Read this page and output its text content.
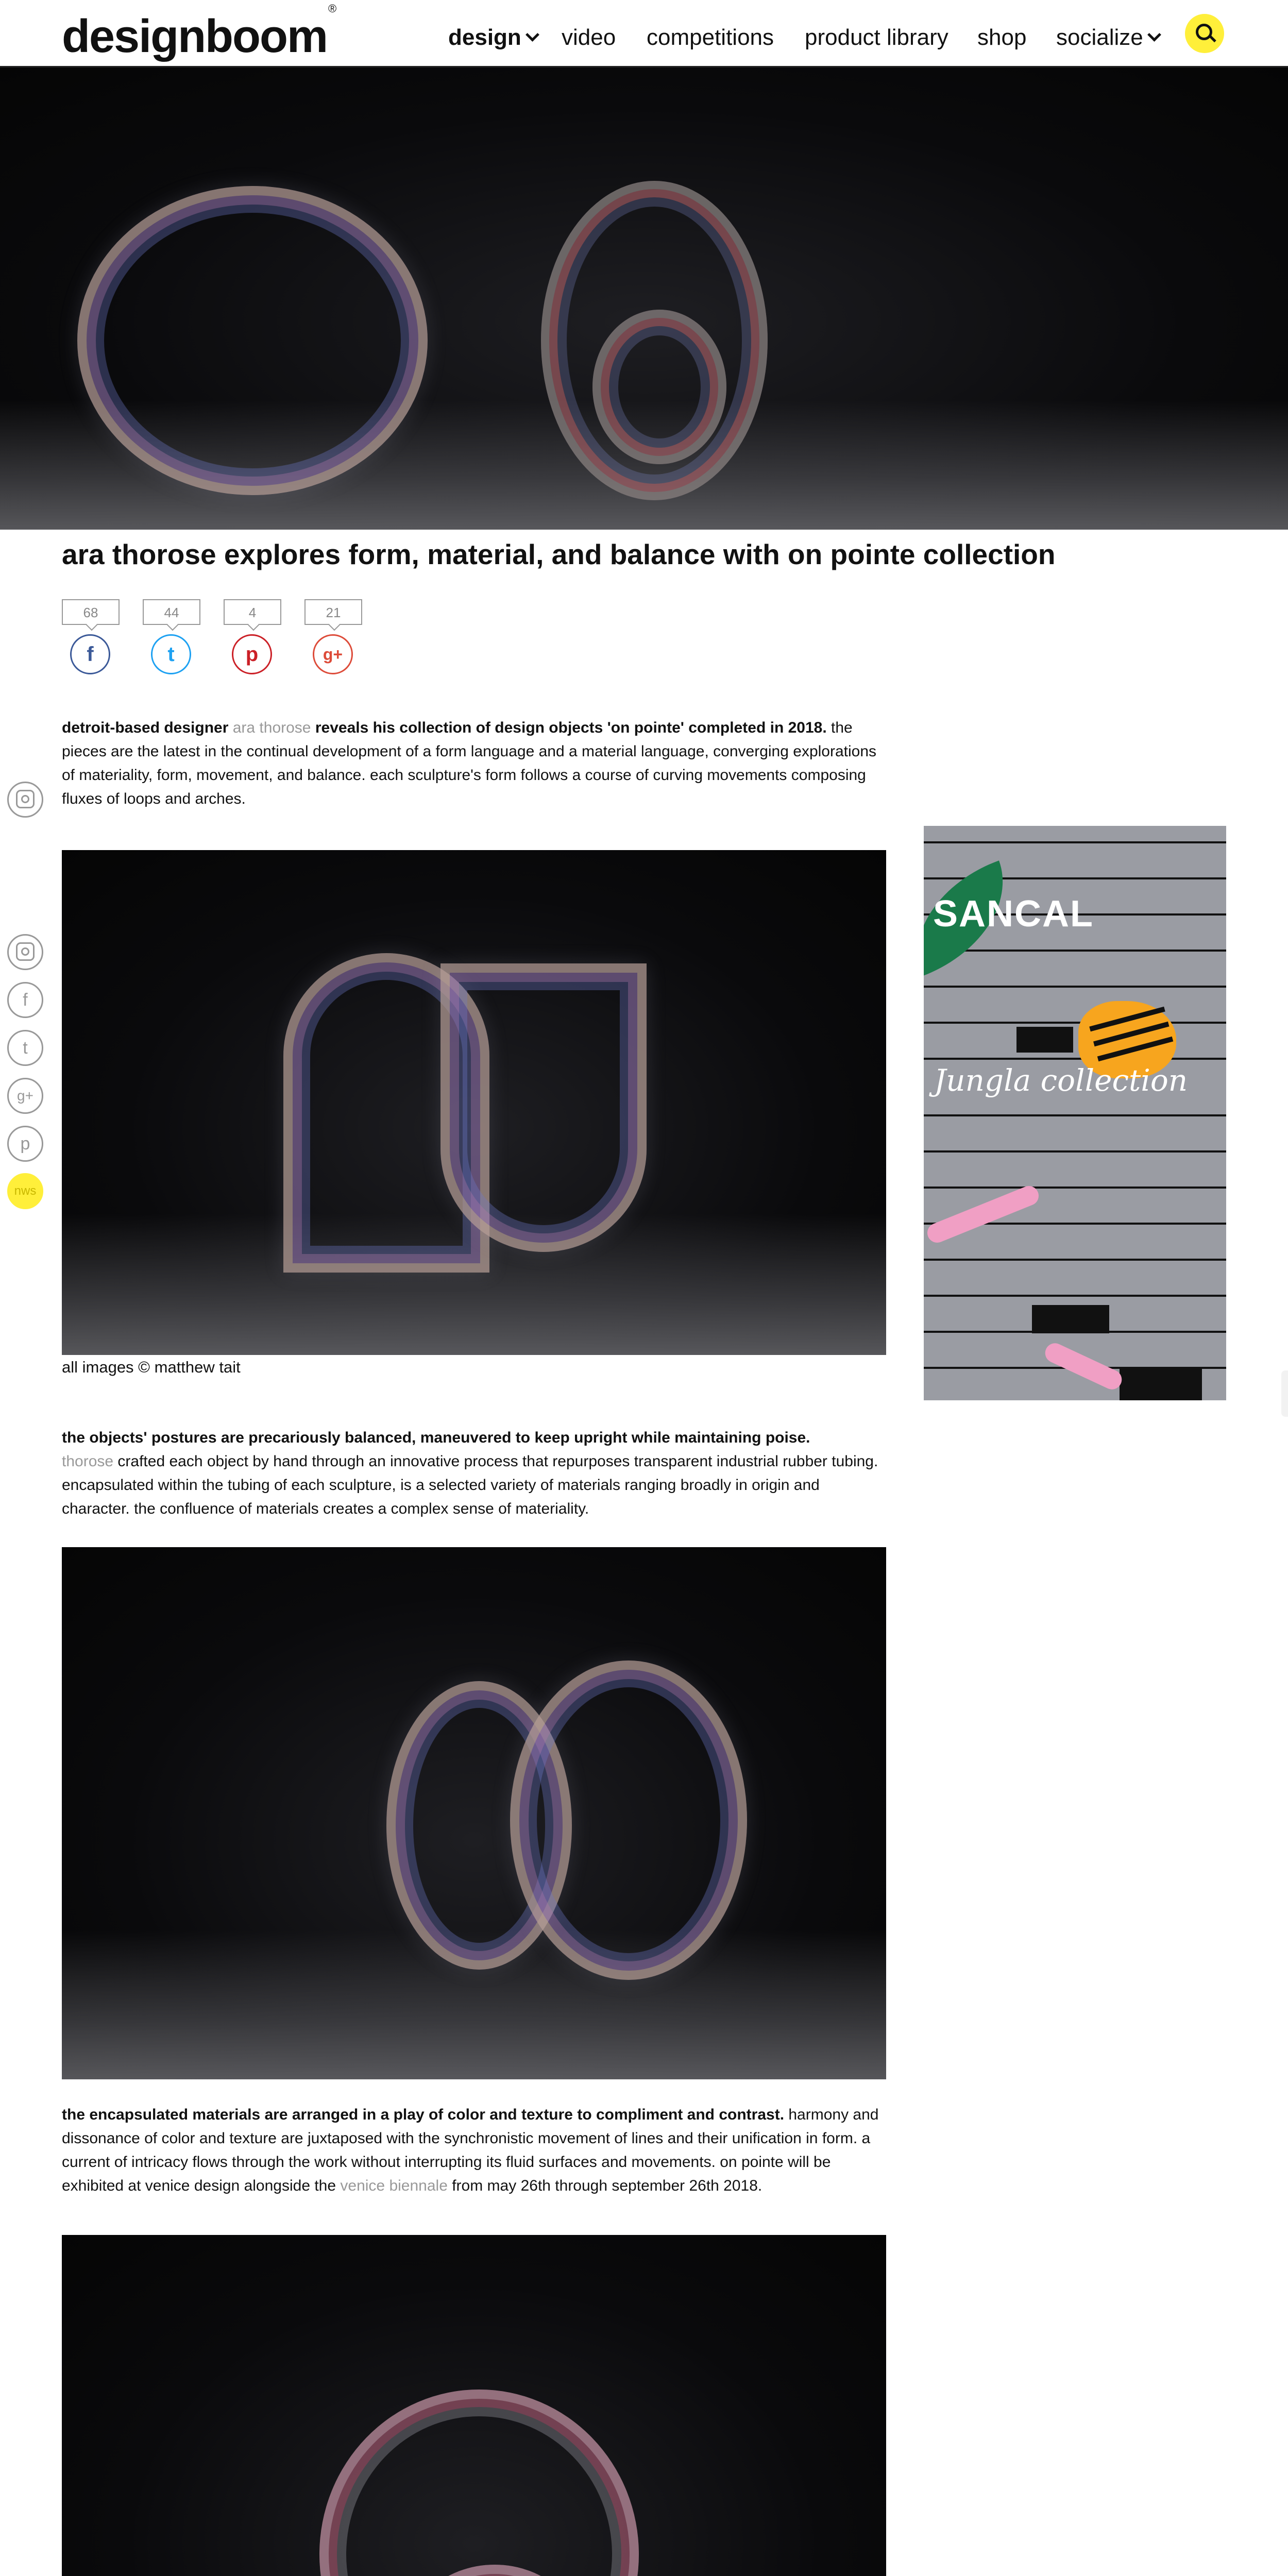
designboom®
design	video competitions product library shop socialize
ara thorose explores form, material, and balance with on pointe collection
68
f
44
t
4
p
21
g+

detroit-based designer ara thorose reveals his collection of design objects 'on pointe' completed in 2018. the pieces are the latest in the continual development of a form language and a material language, converging explorations of materiality, form, movement, and balance. each sculpture's form follows a course of curving movements composing fluxes of loops and arches.

all images © matthew tait

the objects' postures are precariously balanced, maneuvered to keep upright while maintaining poise.
thorose crafted each object by hand through an innovative process that repurposes transparent industrial rubber tubing. encapsulated within the tubing of each sculpture, is a selected variety of materials ranging broadly in origin and character. the confluence of materials creates a complex sense of materiality.

the encapsulated materials are arranged in a play of color and texture to compliment and contrast. harmony and dissonance of color and texture are juxtaposed with the synchronistic movement of lines and their unification in form. a current of intricacy flows through the work without interrupting its fluid surfaces and movements. on pointe will be exhibited at venice design alongside the venice biennale from may 26th through september 26th 2018.

f
t
g+
p
nws
SANCAL
Jungla collection
